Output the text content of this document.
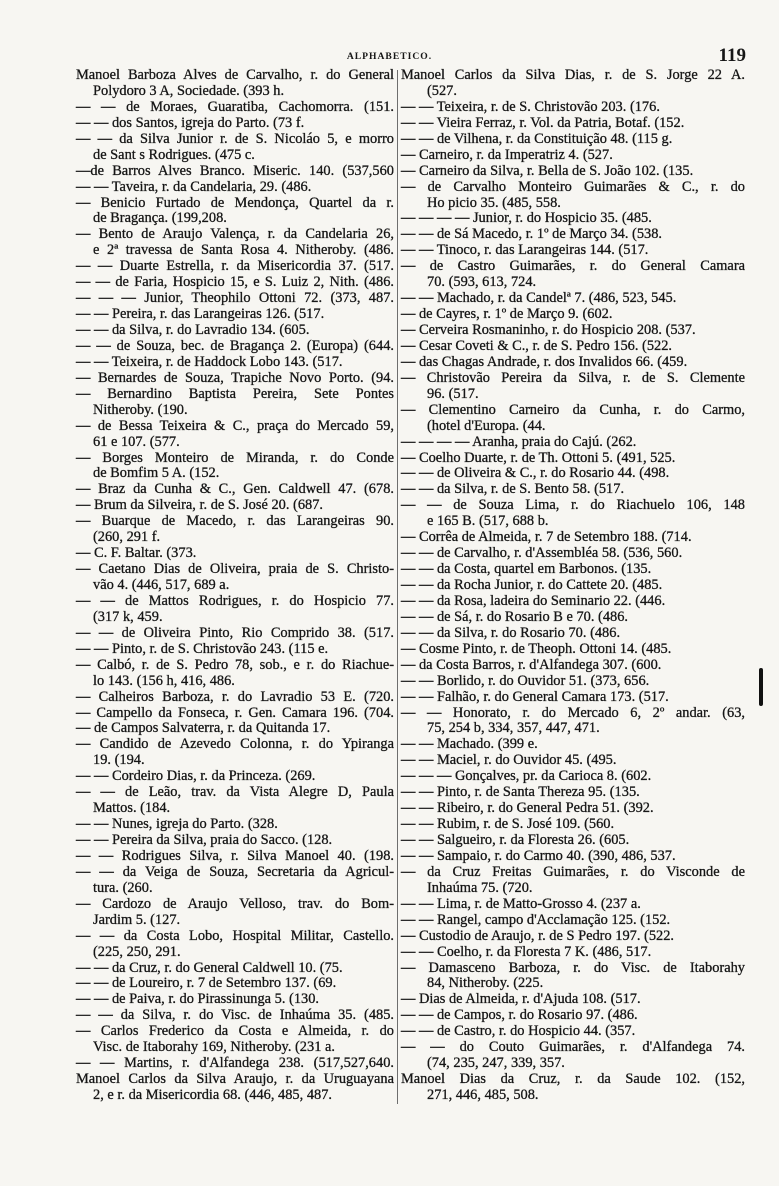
ALPHABETICO.	119
Manoel Barboza Alves de Carvalho, r. do General
Polydoro 3 A, Sociedade. (393 h.
— — de Moraes, Guaratiba, Cachomorra. (151.
— — dos Santos, igreja do Parto. (73 f.
— — da Silva Junior r. de S. Nicoláo 5, e morro
de Sant s Rodrigues. (475 c.
—de Barros Alves Branco. Miseric. 140. (537,560
— — Taveira, r. da Candelaria, 29. (486.
— Benicio Furtado de Mendonça, Quartel da r.
de Bragança. (199,208.
— Bento de Araujo Valença, r. da Candelaria 26,
e 2ª travessa de Santa Rosa 4. Nitheroby. (486.
— — Duarte Estrella, r. da Misericordia 37. (517.
— — de Faria, Hospicio 15, e S. Luiz 2, Nith. (486.
— — — Junior, Theophilo Ottoni 72. (373, 487.
— — Pereira, r. das Larangeiras 126. (517.
— — da Silva, r. do Lavradio 134. (605.
— — de Souza, bec. de Bragança 2. (Europa) (644.
— — Teixeira, r. de Haddock Lobo 143. (517.
— Bernardes de Souza, Trapiche Novo Porto. (94.
— Bernardino Baptista Pereira, Sete Pontes
Nitheroby. (190.
— de Bessa Teixeira & C., praça do Mercado 59,
61 e 107. (577.
— Borges Monteiro de Miranda, r. do Conde
de Bomfim 5 A. (152.
— Braz da Cunha & C., Gen. Caldwell 47. (678.
— Brum da Silveira, r. de S. José 20. (687.
— Buarque de Macedo, r. das Larangeiras 90.
(260, 291 f.
— C. F. Baltar. (373.
— Caetano Dias de Oliveira, praia de S. Christo-
vão 4. (446, 517, 689 a.
— — de Mattos Rodrigues, r. do Hospicio 77.
(317 k, 459.
— — de Oliveira Pinto, Rio Comprido 38. (517.
— — Pinto, r. de S. Christovão 243. (115 e.
— Calbó, r. de S. Pedro 78, sob., e r. do Riachue-
lo 143. (156 h, 416, 486.
— Calheiros Barboza, r. do Lavradio 53 E. (720.
— Campello da Fonseca, r. Gen. Camara 196. (704.
— de Campos Salvaterra, r. da Quitanda 17.
— Candido de Azevedo Colonna, r. do Ypiranga
19. (194.
— — Cordeiro Dias, r. da Princeza. (269.
— — de Leão, trav. da Vista Alegre D, Paula
Mattos. (184.
— — Nunes, igreja do Parto. (328.
— — Pereira da Silva, praia do Sacco. (128.
— — Rodrigues Silva, r. Silva Manoel 40. (198.
— — da Veiga de Souza, Secretaria da Agricul-
tura. (260.
— Cardozo de Araujo Velloso, trav. do Bom-
Jardim 5. (127.
— — da Costa Lobo, Hospital Militar, Castello.
(225, 250, 291.
— — da Cruz, r. do General Caldwell 10. (75.
— — de Loureiro, r. 7 de Setembro 137. (69.
— — de Paiva, r. do Pirassinunga 5. (130.
— — da Silva, r. do Visc. de Inhaúma 35. (485.
— Carlos Frederico da Costa e Almeida, r. do
Visc. de Itaborahy 169, Nitheroby. (231 a.
— — Martins, r. d'Alfandega 238. (517,527,640.
Manoel Carlos da Silva Araujo, r. da Uruguayana
2, e r. da Misericordia 68. (446, 485, 487.
Manoel Carlos da Silva Dias, r. de S. Jorge 22 A.
(527.
— — Teixeira, r. de S. Christovão 203. (176.
— — Vieira Ferraz, r. Vol. da Patria, Botaf. (152.
— — de Vilhena, r. da Constituição 48. (115 g.
— Carneiro, r. da Imperatriz 4. (527.
— Carneiro da Silva, r. Bella de S. João 102. (135.
— de Carvalho Monteiro Guimarães & C., r. do
Ho picio 35. (485, 558.
— — — — Junior, r. do Hospicio 35. (485.
— — de Sá Macedo, r. 1º de Março 34. (538.
— — Tinoco, r. das Larangeiras 144. (517.
— de Castro Guimarães, r. do General Camara
70. (593, 613, 724.
— — Machado, r. da Candelª 7. (486, 523, 545.
— de Cayres, r. 1º de Março 9. (602.
— Cerveira Rosmaninho, r. do Hospicio 208. (537.
— Cesar Coveti & C., r. de S. Pedro 156. (522.
— das Chagas Andrade, r. dos Invalidos 66. (459.
— Christovão Pereira da Silva, r. de S. Clemente
96. (517.
— Clementino Carneiro da Cunha, r. do Carmo,
(hotel d'Europa. (44.
— — — — Aranha, praia do Cajú. (262.
— Coelho Duarte, r. de Th. Ottoni 5. (491, 525.
— — de Oliveira & C., r. do Rosario 44. (498.
— — da Silva, r. de S. Bento 58. (517.
— — de Souza Lima, r. do Riachuelo 106, 148
e 165 B. (517, 688 b.
— Corrêa de Almeida, r. 7 de Setembro 188. (714.
— — de Carvalho, r. d'Assembléa 58. (536, 560.
— — da Costa, quartel em Barbonos. (135.
— — da Rocha Junior, r. do Cattete 20. (485.
— — da Rosa, ladeira do Seminario 22. (446.
— — de Sá, r. do Rosario B e 70. (486.
— — da Silva, r. do Rosario 70. (486.
— Cosme Pinto, r. de Theoph. Ottoni 14. (485.
— da Costa Barros, r. d'Alfandega 307. (600.
— — Borlido, r. do Ouvidor 51. (373, 656.
— — Falhão, r. do General Camara 173. (517.
— — Honorato, r. do Mercado 6, 2º andar. (63,
75, 254 b, 334, 357, 447, 471.
— — Machado. (399 e.
— — Maciel, r. do Ouvidor 45. (495.
— — — Gonçalves, pr. da Carioca 8. (602.
— — Pinto, r. de Santa Thereza 95. (135.
— — Ribeiro, r. do General Pedra 51. (392.
— — Rubim, r. de S. José 109. (560.
— — Salgueiro, r. da Floresta 26. (605.
— — Sampaio, r. do Carmo 40. (390, 486, 537.
— da Cruz Freitas Guimarães, r. do Visconde de
Inhaúma 75. (720.
— — Lima, r. de Matto-Grosso 4. (237 a.
— — Rangel, campo d'Acclamação 125. (152.
— Custodio de Araujo, r. de S Pedro 197. (522.
— — Coelho, r. da Floresta 7 K. (486, 517.
— Damasceno Barboza, r. do Visc. de Itaborahy
84, Nitheroby. (225.
— Dias de Almeida, r. d'Ajuda 108. (517.
— — de Campos, r. do Rosario 97. (486.
— — de Castro, r. do Hospicio 44. (357.
— — do Couto Guimarães, r. d'Alfandega 74.
(74, 235, 247, 339, 357.
Manoel Dias da Cruz, r. da Saude 102. (152,
271, 446, 485, 508.
